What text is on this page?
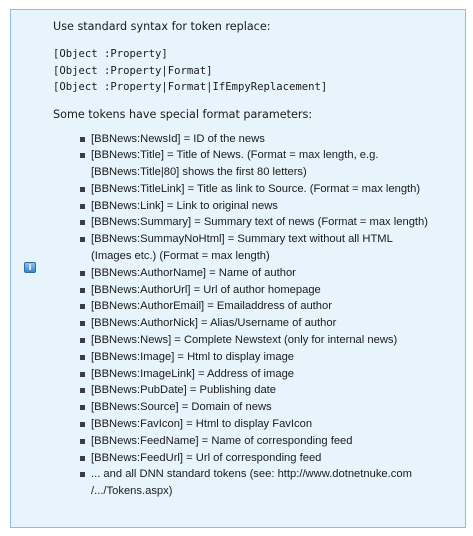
i
Use standard syntax for token replace:
[Object :Property]
[Object :Property|Format]
[Object :Property|Format|IfEmpyReplacement]
Some tokens have special format parameters:
[BBNews:NewsId] = ID of the news
[BBNews:Title] = Title of News. (Format = max length, e.g.
[BBNews:Title|80] shows the first 80 letters)
[BBNews:TitleLink] = Title as link to Source. (Format = max length)
[BBNews:Link] = Link to original news
[BBNews:Summary] = Summary text of news (Format = max length)
[BBNews:SummayNoHtml] = Summary text without all HTML
(Images etc.) (Format = max length)
[BBNews:AuthorName] = Name of author
[BBNews:AuthorUrl] = Url of author homepage
[BBNews:AuthorEmail] = Emailaddress of author
[BBNews:AuthorNick] = Alias/Username of author
[BBNews:News] = Complete Newstext (only for internal news)
[BBNews:Image] = Html to display image
[BBNews:ImageLink] = Address of image
[BBNews:PubDate] = Publishing date
[BBNews:Source] = Domain of news
[BBNews:FavIcon] = Html to display FavIcon
[BBNews:FeedName] = Name of corresponding feed
[BBNews:FeedUrl] = Url of corresponding feed
... and all DNN standard tokens (see: http://www.dotnetnuke.com
/.../Tokens.aspx)
